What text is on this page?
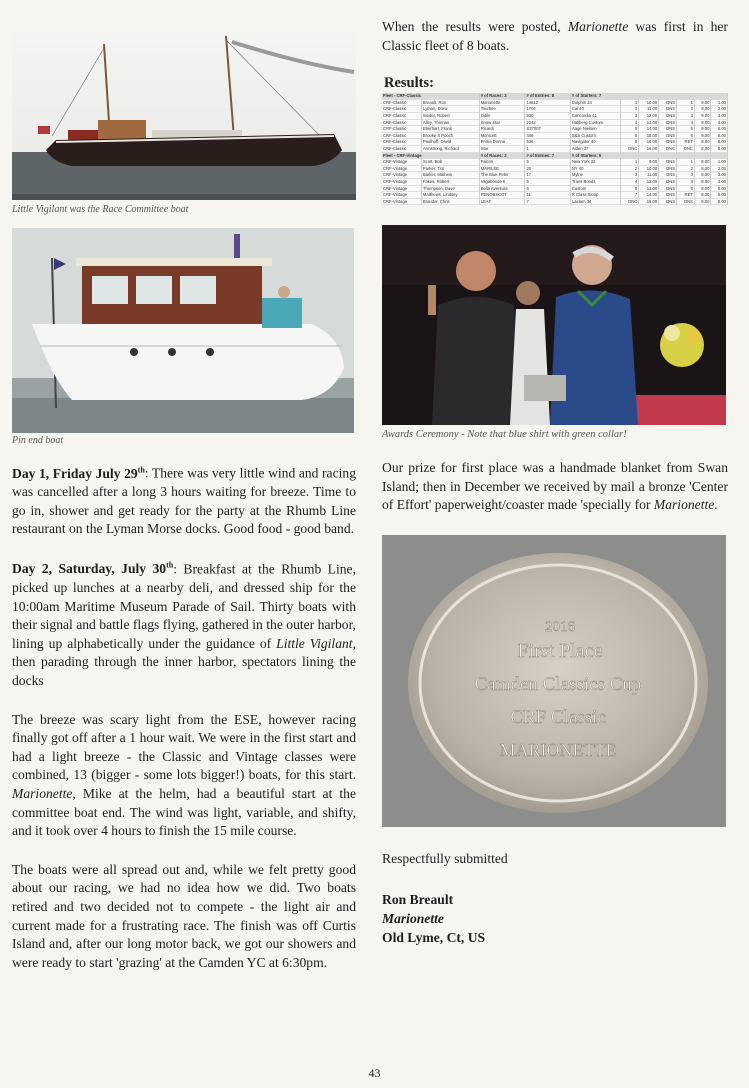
Little Vigilant was the Race Committee boat

Pin end boat

Day 1, Friday July 29th: There was very little wind and racing was cancelled after a long 3 hours waiting for breeze. Time to go in, shower and get ready for the party at the Rhumb Line restaurant on the Lyman Morse docks. Good food - good band.

Day 2, Saturday, July 30th: Breakfast at the Rhumb Line, picked up lunches at a nearby deli, and dressed ship for the 10:00am Maritime Museum Parade of Sail. Thirty boats with their signal and battle flags flying, gathered in the outer harbor, lining up alphabetically under the guidance of Little Vigilant, then parading through the inner harbor, spectators lining the docks

The breeze was scary light from the ESE, however racing finally got off after a 1 hour wait. We were in the first start and had a light breeze - the Classic and Vintage classes were combined, 13 (bigger - some lots bigger!) boats, for this start. Marionette, Mike at the helm, had a beautiful start at the committee boat end. The wind was light, variable, and shifty, and it took over 4 hours to finish the 15 mile course.

The boats were all spread out and, while we felt pretty good about our racing, we had no idea how we did. Two boats retired and two decided not to compete - the light air and current made for a frustrating race. The finish was off Curtis Island and, after our long motor back, we got our showers and were ready to start 'grazing' at the Camden YC at 6:30pm.

When the results were posted, Marionette was first in her Classic fleet of 8 boats.

Results:
Fleet - CRF-Classic		# of Races: 2	# of Entries: 8	# of Starters: 7						
CRF-Classic	Breault, Ron	Marionette	14812	Dolphin 24	1	10.00	DNS	1	9.00	1.00
CRF-Classic	Lyman, Drew	Tourbee	1704	Cal 40	2	11.00	DNS	2	9.00	2.00
CRF-Classic	Sieder, Robert	Odile	930	Concordia 41	3	12.00	DNS	3	9.00	3.00
CRF-Classic	Alley, Thomas	Snow Star	2242	Hallberg Custom	4	13.00	DNS	4	9.00	4.00
CRF-Classic	Eberhart, Frank	Ricardi	S37007	Aage Nielsen	5	14.00	DNS	5	9.00	5.00
CRF-Classic	Brooke S Pooch	Monicett	446	S&S Custom	6	15.00	DNS	6	9.00	6.00
CRF-Classic	Paulhoff, David	Prima Donna	536	Navigator 40	8	16.00	DNS	RET	8.00	8.00
CRF-Classic	Armstrong, Richard	Star	1	Alden 37	DNC	16.00	DNC	DNC	8.00	8.00
Fleet - CRF-Vintage		# of Races: 2	# of Entries: 7	# of Starters: 5						
CRF-Vintage	Scott, Bob	Falcon	5	New York 32	1	9.00	DNS	1	8.00	1.00
CRF-Vintage	Parker, Tim	MARILEE	20	NY 40	2	10.00	DNS	2	8.00	2.00
CRF-Vintage	Barker, Mathew	The Blue Peter	17	Mylne	3	11.00	DNS	3	8.00	3.00
CRF-Vintage	Fakes, Robert	Vagabonde II	5	Trans Bonds	4	12.00	DNS	4	8.00	4.00
CRF-Vintage	Thompson, Dave	Bella Aventura	6	Custom	5	13.00	DNS	5	8.00	5.00
CRF-Vintage	Matthews, Lindsey	PENOBSCOT	11	R Class Sloop	7	14.00	DNS	RET	8.00	6.00
CRF-Vintage	Brauder, Chris	LEAF	7	Laidam 34	DNC	15.00	DNS	DNS	8.00	8.00

Awards Ceremony - Note that blue shirt with green collar!

Our prize for first place was a handmade blanket from Swan Island; then in December we received by mail a bronze 'Center of Effort' paperweight/coaster made 'specially for Marionette.

2016
First Place
Camden Classics Cup
CRF Classic
MARIONETTE

Respectfully submitted

Ron Breault
Marionette
Old Lyme, Ct, US
43
